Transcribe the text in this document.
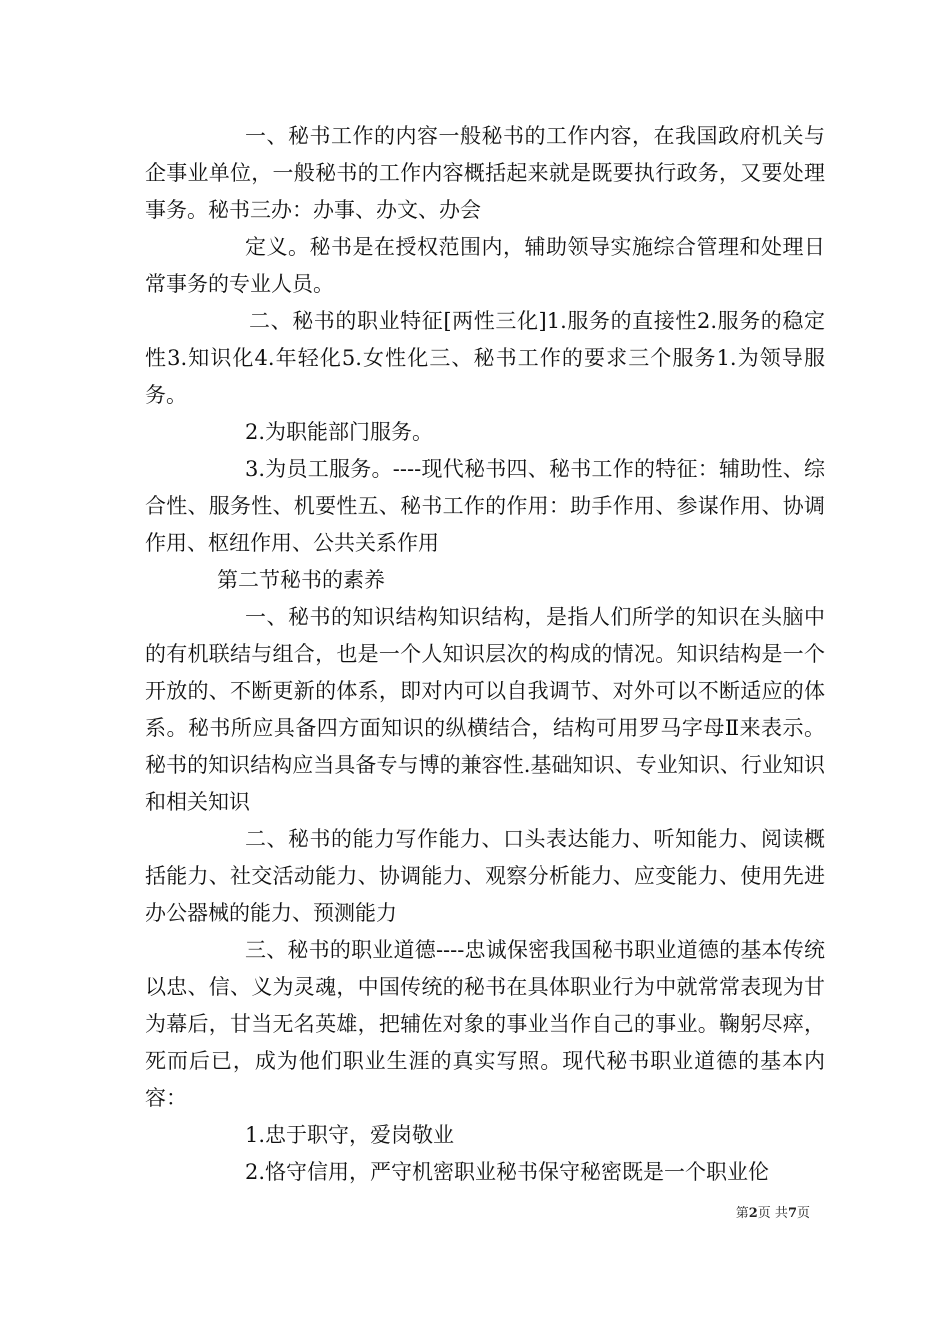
一、秘书工作的内容一般秘书的工作内容，在我国政府机关与企事业单位，一般秘书的工作内容概括起来就是既要执行政务，又要处理事务。秘书三办：办事、办文、办会

定义。秘书是在授权范围内，辅助领导实施综合管理和处理日常事务的专业人员。

二、秘书的职业特征[两性三化]1.服务的直接性2.服务的稳定性3.知识化4.年轻化5.女性化三、秘书工作的要求三个服务1.为领导服务。

2.为职能部门服务。

3.为员工服务。----现代秘书四、秘书工作的特征：辅助性、综合性、服务性、机要性五、秘书工作的作用：助手作用、参谋作用、协调作用、枢纽作用、公共关系作用

第二节秘书的素养

一、秘书的知识结构知识结构，是指人们所学的知识在头脑中的有机联结与组合，也是一个人知识层次的构成的情况。知识结构是一个开放的、不断更新的体系，即对内可以自我调节、对外可以不断适应的体系。秘书所应具备四方面知识的纵横结合，结构可用罗马字母Ⅱ来表示。秘书的知识结构应当具备专与博的兼容性.基础知识、专业知识、行业知识和相关知识

二、秘书的能力写作能力、口头表达能力、听知能力、阅读概括能力、社交活动能力、协调能力、观察分析能力、应变能力、使用先进办公器械的能力、预测能力

三、秘书的职业道德----忠诚保密我国秘书职业道德的基本传统以忠、信、义为灵魂，中国传统的秘书在具体职业行为中就常常表现为甘为幕后，甘当无名英雄，把辅佐对象的事业当作自己的事业。鞠躬尽瘁，死而后已，成为他们职业生涯的真实写照。现代秘书职业道德的基本内容：

1.忠于职守，爱岗敬业

2.恪守信用，严守机密职业秘书保守秘密既是一个职业伦

第2页 共7页
